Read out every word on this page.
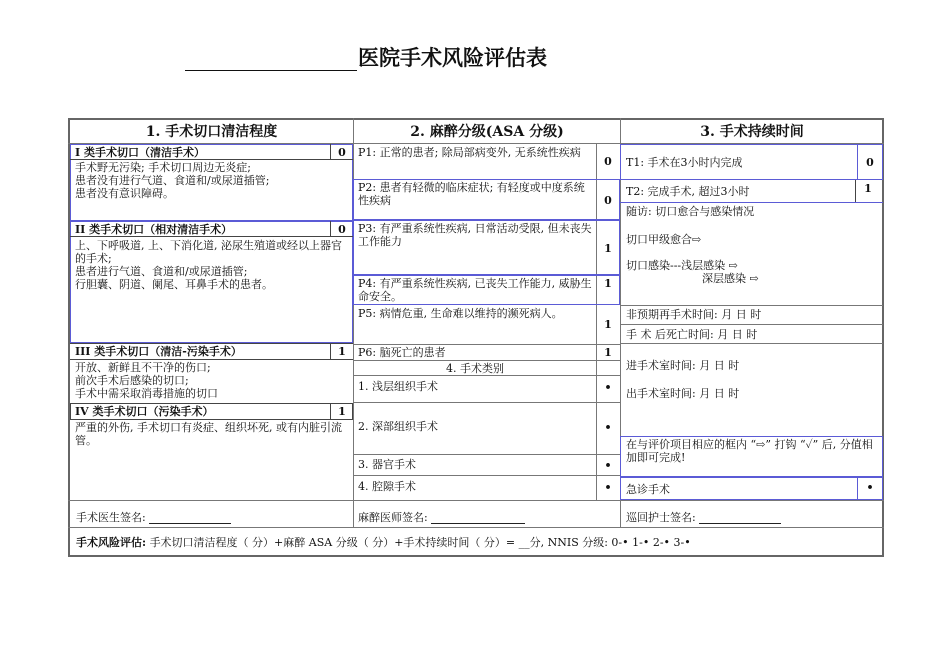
医院手术风险评估表
1. 手术切口清洁程度	2. 麻醉分级(ASA 分级)	3. 手术持续时间
I 类手术切口（清洁手术）	0
手术野无污染; 手术切口周边无炎症;
患者没有进行气道、食道和/或尿道插管;
患者没有意识障碍。
II 类手术切口（相对清洁手术）	0
上、下呼吸道, 上、下消化道, 泌尿生殖道或经以上器官的手术;
患者进行气道、食道和/或尿道插管;
行胆囊、阴道、阑尾、耳鼻手术的患者。
III 类手术切口（清洁-污染手术）	1
开放、新鲜且不干净的伤口;
前次手术后感染的切口;
手术中需采取消毒措施的切口
IV 类手术切口（污染手术）	1
严重的外伤, 手术切口有炎症、组织坏死, 或有内脏引流管。
P1: 正常的患者; 除局部病变外, 无系统性疾病
0
P2: 患者有轻微的临床症状; 有轻度或中度系统性疾病	0
P3: 有严重系统性疾病, 日常活动受限, 但未丧失工作能力
1
P4: 有严重系统性疾病, 已丧失工作能力, 威胁生命安全。
1
P5: 病情危重, 生命难以维持的濒死病人。
1
P6: 脑死亡的患者	1
4. 手术类别
1. 浅层组织手术	•
2. 深部组织手术	•
3. 器官手术	•
4. 腔隙手术	•
T1: 手术在3小时内完成	0
T2: 完成手术, 超过3小时	1
随访: 切口愈合与感染情况
切口甲级愈合⇨
切口感染---浅层感染 ⇨
深层感染 ⇨
非预期再手术时间: 月 日 时
手 术 后死亡时间: 月 日 时
进手术室时间: 月 日 时
出手术室时间: 月 日 时
在与评价项目相应的框内 “⇨” 打钩 “✓” 后, 分值相加即可完成!
急诊手术	•
手术医生签名:	麻醉医师签名:	巡回护士签名:
手术风险评估: 手术切口清洁程度（ 分）+麻醉 ASA 分级（ 分）+手术持续时间（ 分）= __分, NNIS 分级: 0-• 1-• 2-• 3-•
